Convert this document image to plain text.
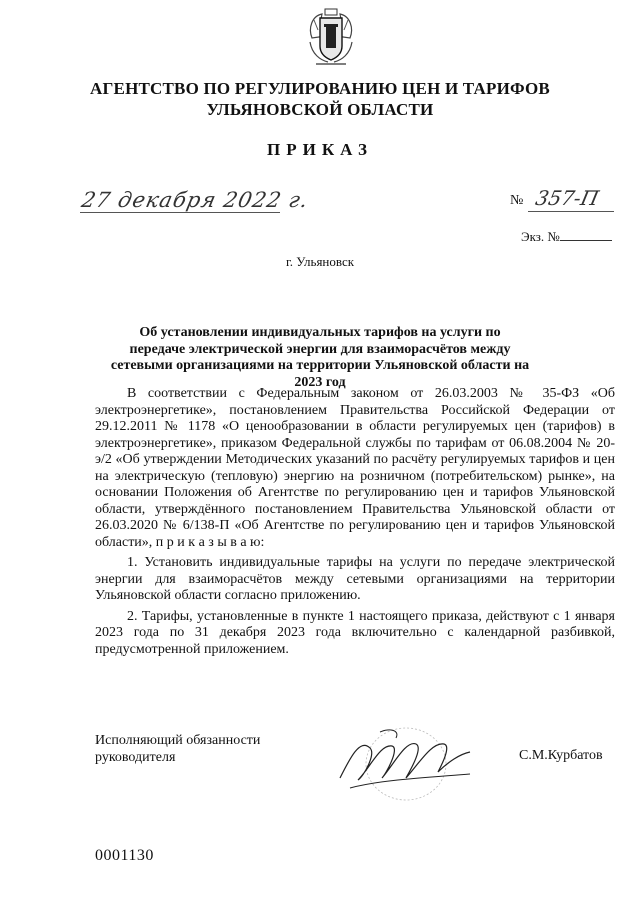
АГЕНТСТВО ПО РЕГУЛИРОВАНИЮ ЦЕН И ТАРИФОВ
УЛЬЯНОВСКОЙ ОБЛАСТИ
ПРИКАЗ
27 декабря 2022 г.	№ 357-П
Экз. №
г. Ульяновск
Об установлении индивидуальных тарифов на услуги по передаче электрической энергии для взаиморасчётов между сетевыми организациями на территории Ульяновской области на 2023 год

В соответствии с Федеральным законом от 26.03.2003 № 35-ФЗ «Об электроэнергетике», постановлением Правительства Российской Федерации от 29.12.2011 № 1178 «О ценообразовании в области регулируемых цен (тарифов) в электроэнергетике», приказом Федеральной службы по тарифам от 06.08.2004 № 20-э/2 «Об утверждении Методических указаний по расчёту регулируемых тарифов и цен на электрическую (тепловую) энергию на розничном (потребительском) рынке», на основании Положения об Агентстве по регулированию цен и тарифов Ульяновской области, утверждённого постановлением Правительства Ульяновской области от 26.03.2020 № 6/138-П «Об Агентстве по регулированию цен и тарифов Ульяновской области», п р и к а з ы в а ю:

1. Установить индивидуальные тарифы на услуги по передаче электрической энергии для взаиморасчётов между сетевыми организациями на территории Ульяновской области согласно приложению.

2. Тарифы, установленные в пункте 1 настоящего приказа, действуют с 1 января 2023 года по 31 декабря 2023 года включительно с календарной разбивкой, предусмотренной приложением.

Исполняющий обязанности
руководителя	С.М.Курбатов
0001130
